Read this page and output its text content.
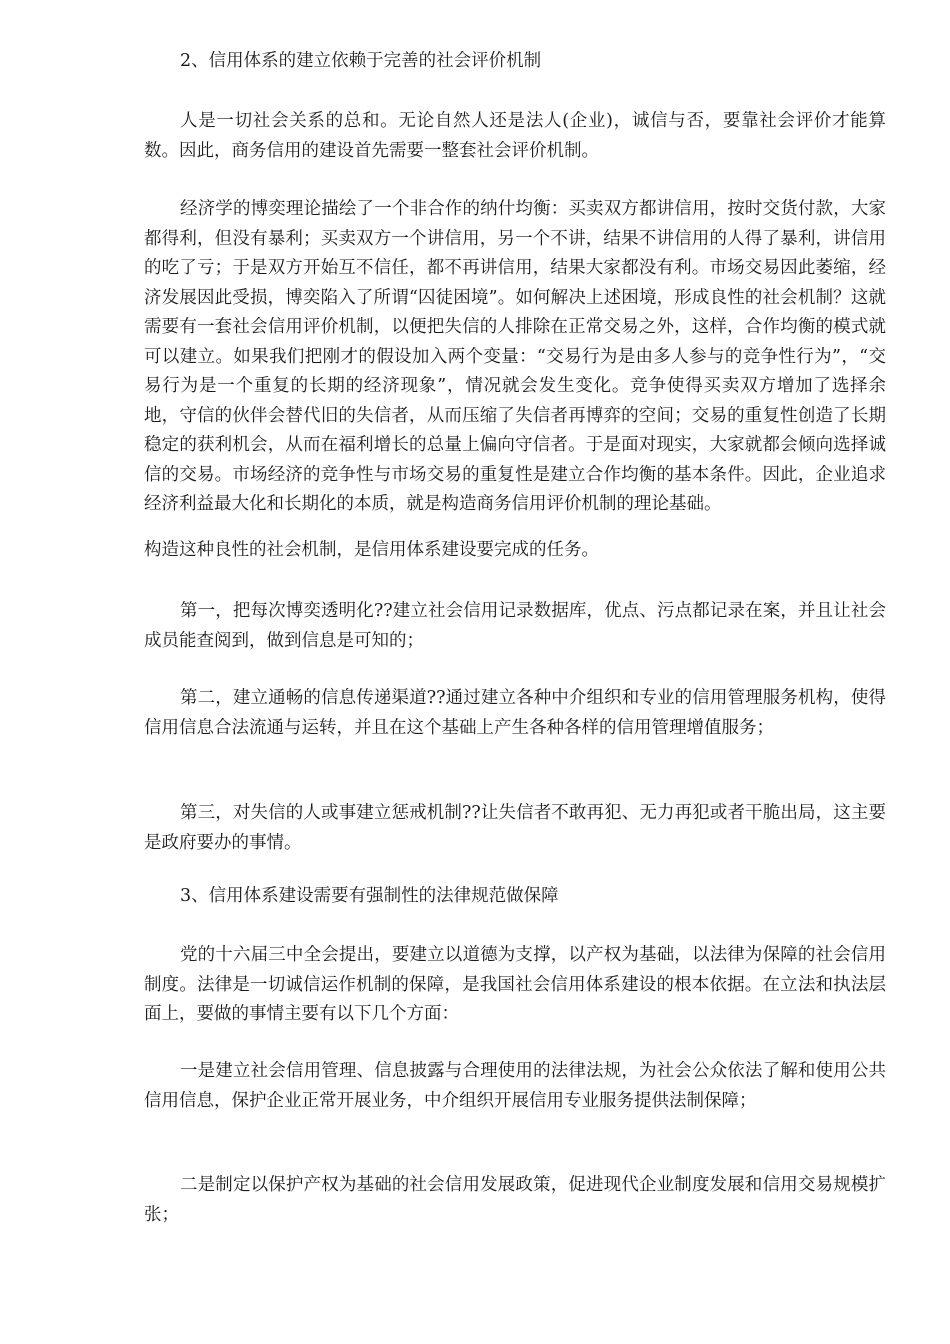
2、信用体系的建立依赖于完善的社会评价机制

人是一切社会关系的总和。无论自然人还是法人(企业)，诚信与否，要靠社会评价才能算数。因此，商务信用的建设首先需要一整套社会评价机制。

经济学的博奕理论描绘了一个非合作的纳什均衡：买卖双方都讲信用，按时交货付款，大家都得利，但没有暴利；买卖双方一个讲信用，另一个不讲，结果不讲信用的人得了暴利，讲信用的吃了亏；于是双方开始互不信任，都不再讲信用，结果大家都没有利。市场交易因此萎缩，经济发展因此受损，博奕陷入了所谓“囚徒困境”。如何解决上述困境，形成良性的社会机制？这就需要有一套社会信用评价机制，以便把失信的人排除在正常交易之外，这样，合作均衡的模式就可以建立。如果我们把刚才的假设加入两个变量：“交易行为是由多人参与的竞争性行为”，“交易行为是一个重复的长期的经济现象”，情况就会发生变化。竞争使得买卖双方增加了选择余地，守信的伙伴会替代旧的失信者，从而压缩了失信者再博弈的空间；交易的重复性创造了长期稳定的获利机会，从而在福利增长的总量上偏向守信者。于是面对现实，大家就都会倾向选择诚信的交易。市场经济的竞争性与市场交易的重复性是建立合作均衡的基本条件。因此，企业追求经济利益最大化和长期化的本质，就是构造商务信用评价机制的理论基础。

构造这种良性的社会机制，是信用体系建设要完成的任务。

第一，把每次博奕透明化??建立社会信用记录数据库，优点、污点都记录在案，并且让社会成员能查阅到，做到信息是可知的；

第二，建立通畅的信息传递渠道??通过建立各种中介组织和专业的信用管理服务机构，使得信用信息合法流通与运转，并且在这个基础上产生各种各样的信用管理增值服务；

第三，对失信的人或事建立惩戒机制??让失信者不敢再犯、无力再犯或者干脆出局，这主要是政府要办的事情。

3、信用体系建设需要有强制性的法律规范做保障

党的十六届三中全会提出，要建立以道德为支撑，以产权为基础，以法律为保障的社会信用制度。法律是一切诚信运作机制的保障，是我国社会信用体系建设的根本依据。在立法和执法层面上，要做的事情主要有以下几个方面：

一是建立社会信用管理、信息披露与合理使用的法律法规，为社会公众依法了解和使用公共信用信息，保护企业正常开展业务，中介组织开展信用专业服务提供法制保障；

二是制定以保护产权为基础的社会信用发展政策，促进现代企业制度发展和信用交易规模扩张；
